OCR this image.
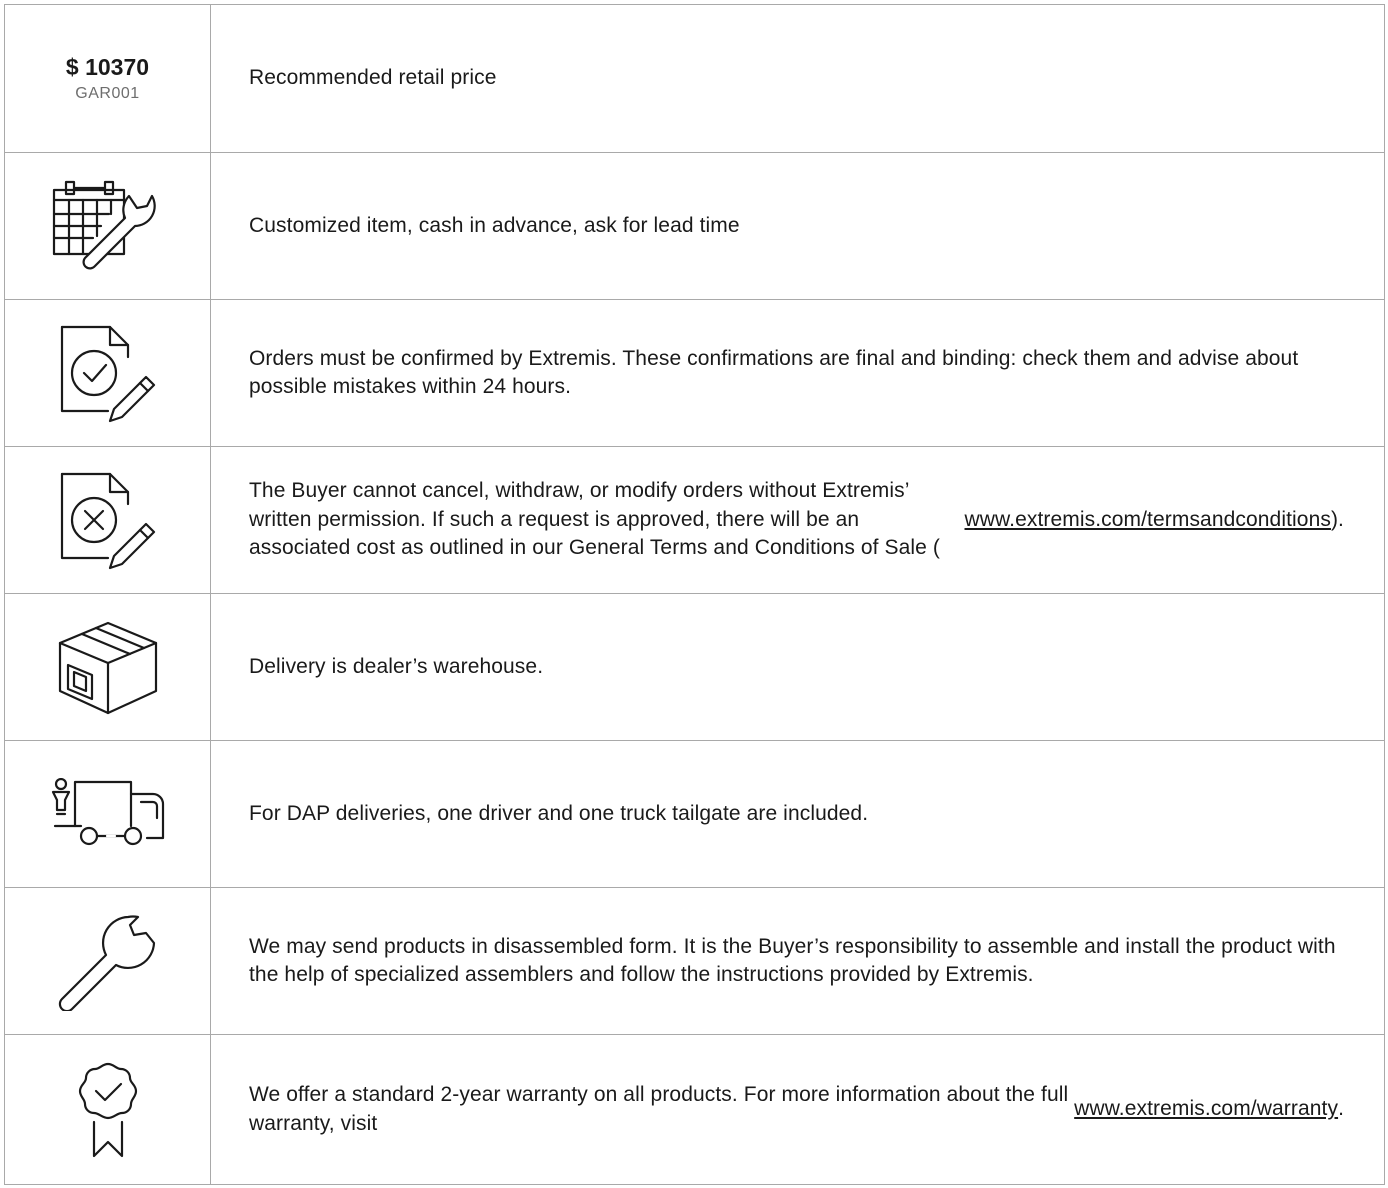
$ 10370
GAR001
Recommended retail price
Customized item, cash in advance, ask for lead time
Orders must be confirmed by Extremis. These confirmations are final and binding: check them and advise about possible mistakes within 24 hours.
The Buyer cannot cancel, withdraw, or modify orders without Extremis’ written permission. If such a request is approved, there will be an associated cost as outlined in our General Terms and Conditions of Sale (
www.extremis.com/termsandconditions ).
Delivery is dealer’s warehouse.
For DAP deliveries, one driver and one truck tailgate are included.
We may send products in disassembled form. It is the Buyer’s responsibility to assemble and install the product with the help of specialized assemblers and follow the instructions provided by Extremis.
We offer a standard 2-year warranty on all products. For more information about the full warranty, visit
www.extremis.com/warranty .
